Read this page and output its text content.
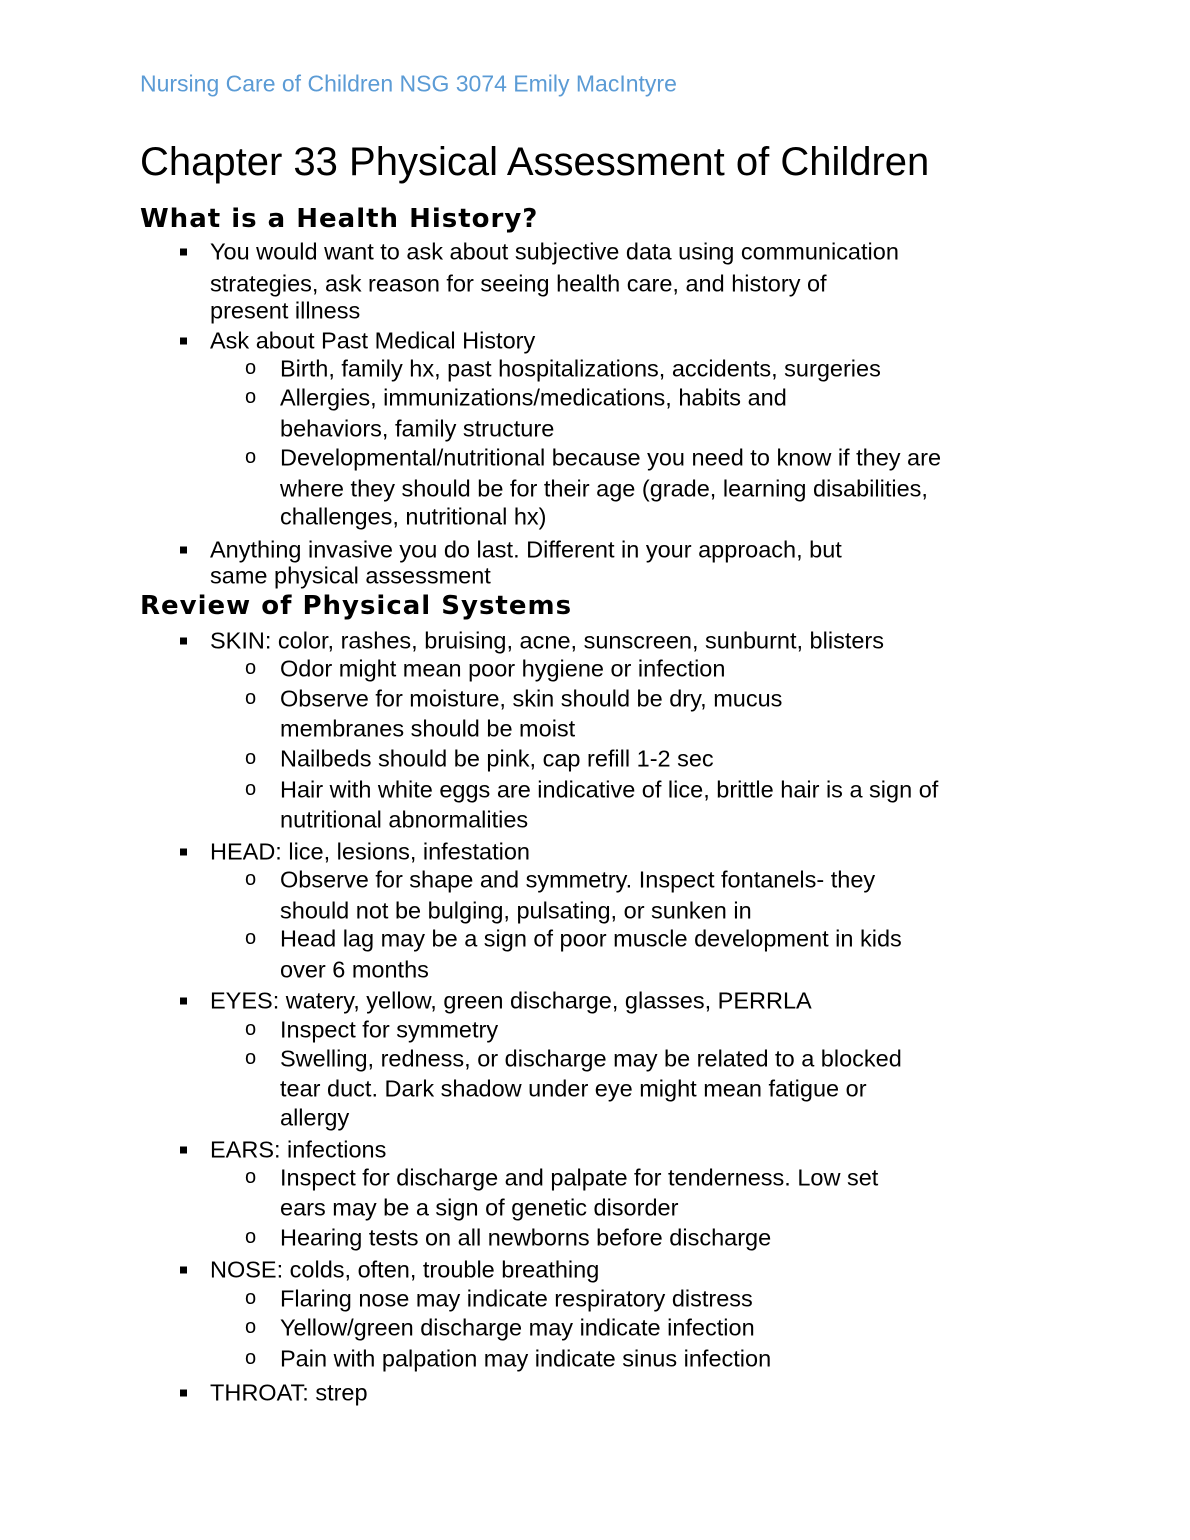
Nursing Care of Children NSG 3074 Emily MacIntyre
Chapter 33 Physical Assessment of Children
What is a Health History?
You would want to ask about subjective data using communication
strategies, ask reason for seeing health care, and history of
present illness
Ask about Past Medical History
o Birth, family hx, past hospitalizations, accidents, surgeries
o Allergies, immunizations/medications, habits and
behaviors, family structure
o Developmental/nutritional because you need to know if they are
where they should be for their age (grade, learning disabilities,
challenges, nutritional hx)
Anything invasive you do last. Different in your approach, but
same physical assessment
Review of Physical Systems
SKIN: color, rashes, bruising, acne, sunscreen, sunburnt, blisters
o Odor might mean poor hygiene or infection
o Observe for moisture, skin should be dry, mucus
membranes should be moist
o Nailbeds should be pink, cap refill 1-2 sec
o Hair with white eggs are indicative of lice, brittle hair is a sign of
nutritional abnormalities
HEAD: lice, lesions, infestation
o Observe for shape and symmetry. Inspect fontanels- they
should not be bulging, pulsating, or sunken in
o Head lag may be a sign of poor muscle development in kids
over 6 months
EYES: watery, yellow, green discharge, glasses, PERRLA
o Inspect for symmetry
o Swelling, redness, or discharge may be related to a blocked
tear duct. Dark shadow under eye might mean fatigue or
allergy
EARS: infections
o Inspect for discharge and palpate for tenderness. Low set
ears may be a sign of genetic disorder
o Hearing tests on all newborns before discharge
NOSE: colds, often, trouble breathing
o Flaring nose may indicate respiratory distress
o Yellow/green discharge may indicate infection
o Pain with palpation may indicate sinus infection
THROAT: strep
